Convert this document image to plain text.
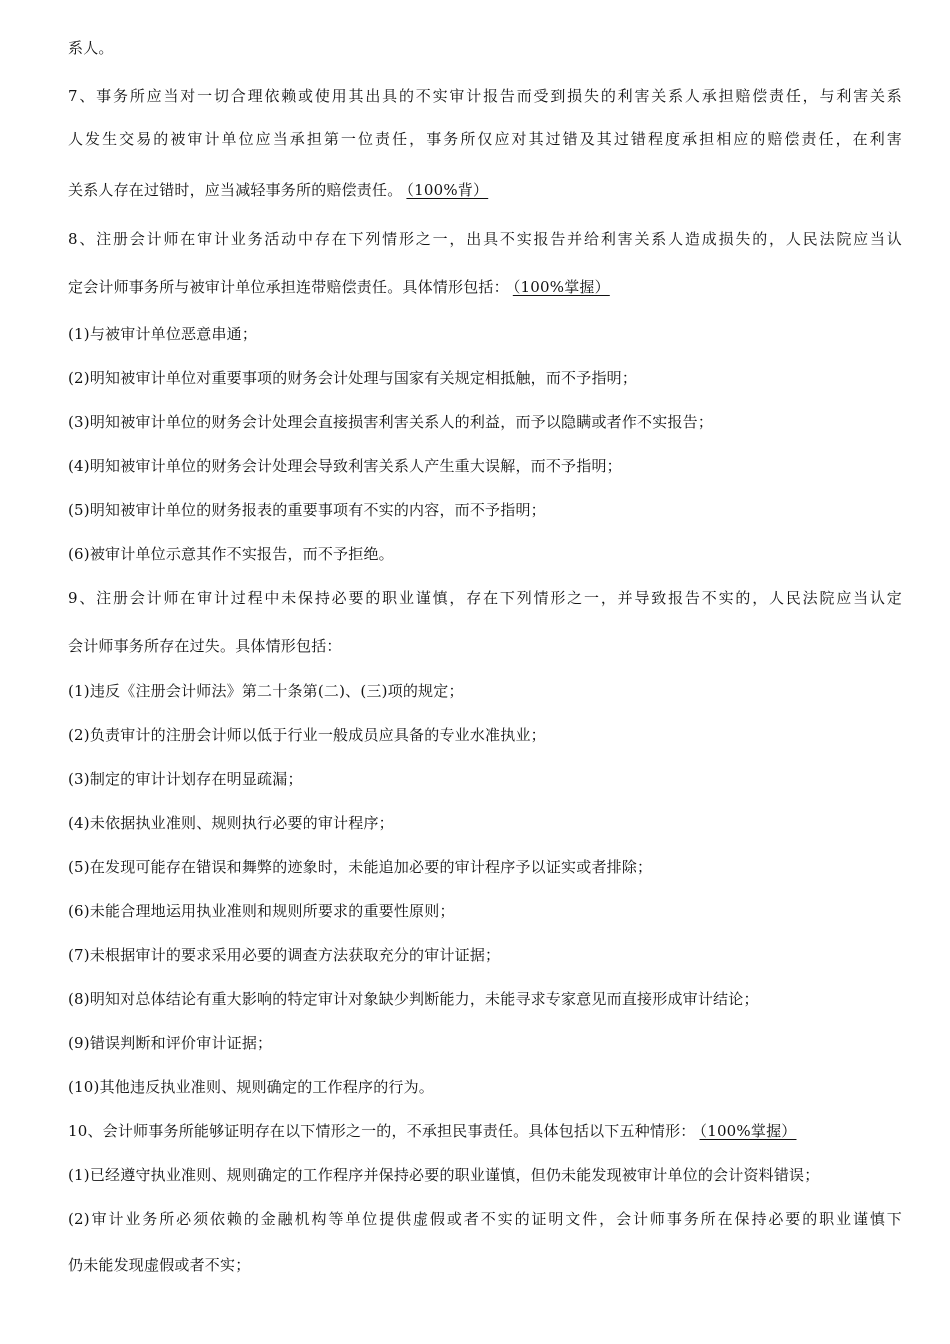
系人。
7、事务所应当对一切合理依赖或使用其出具的不实审计报告而受到损失的利害关系人承担赔偿责任，与利害关系
人发生交易的被审计单位应当承担第一位责任，事务所仅应对其过错及其过错程度承担相应的赔偿责任，在利害
关系人存在过错时，应当减轻事务所的赔偿责任。 （100%背）
8、注册会计师在审计业务活动中存在下列情形之一，出具不实报告并给利害关系人造成损失的，人民法院应当认
定会计师事务所与被审计单位承担连带赔偿责任。具体情形包括： （100%掌握）
(1)与被审计单位恶意串通；
(2)明知被审计单位对重要事项的财务会计处理与国家有关规定相抵触，而不予指明；
(3)明知被审计单位的财务会计处理会直接损害利害关系人的利益，而予以隐瞒或者作不实报告；
(4)明知被审计单位的财务会计处理会导致利害关系人产生重大误解，而不予指明；
(5)明知被审计单位的财务报表的重要事项有不实的内容，而不予指明；
(6)被审计单位示意其作不实报告，而不予拒绝。
9、注册会计师在审计过程中未保持必要的职业谨慎，存在下列情形之一，并导致报告不实的，人民法院应当认定
会计师事务所存在过失。具体情形包括：
(1)违反《注册会计师法》第二十条第(二)、(三)项的规定；
(2)负责审计的注册会计师以低于行业一般成员应具备的专业水准执业；
(3)制定的审计计划存在明显疏漏；
(4)未依据执业准则、规则执行必要的审计程序；
(5)在发现可能存在错误和舞弊的迹象时，未能追加必要的审计程序予以证实或者排除；
(6)未能合理地运用执业准则和规则所要求的重要性原则；
(7)未根据审计的要求采用必要的调查方法获取充分的审计证据；
(8)明知对总体结论有重大影响的特定审计对象缺少判断能力，未能寻求专家意见而直接形成审计结论；
(9)错误判断和评价审计证据；
(10)其他违反执业准则、规则确定的工作程序的行为。
10、会计师事务所能够证明存在以下情形之一的，不承担民事责任。具体包括以下五种情形： （100%掌握）
(1)已经遵守执业准则、规则确定的工作程序并保持必要的职业谨慎，但仍未能发现被审计单位的会计资料错误；
(2)审计业务所必须依赖的金融机构等单位提供虚假或者不实的证明文件，会计师事务所在保持必要的职业谨慎下
仍未能发现虚假或者不实；
